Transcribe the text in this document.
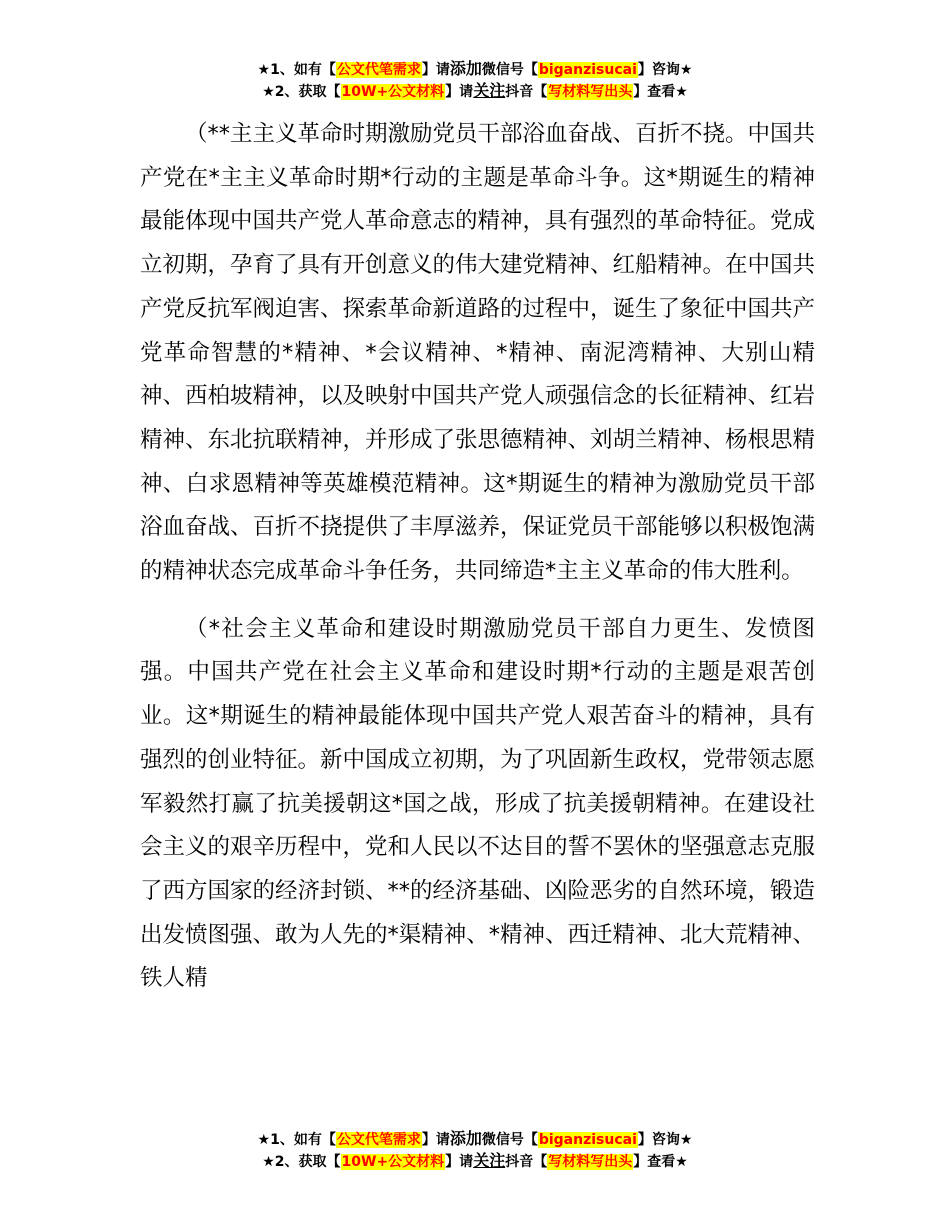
★1、如有【公文代笔需求】请添加微信号【biganzisucai】咨询★
★2、获取【10W+公文材料】请关注抖音【写材料写出头】查看★

（**主主义革命时期激励党员干部浴血奋战、百折不挠。中国共产党在*主主义革命时期*行动的主题是革命斗争。这*期诞生的精神最能体现中国共产党人革命意志的精神，具有强烈的革命特征。党成立初期，孕育了具有开创意义的伟大建党精神、红船精神。在中国共产党反抗军阀迫害、探索革命新道路的过程中，诞生了象征中国共产党革命智慧的*精神、*会议精神、*精神、南泥湾精神、大别山精神、西柏坡精神，以及映射中国共产党人顽强信念的长征精神、红岩精神、东北抗联精神，并形成了张思德精神、刘胡兰精神、杨根思精神、白求恩精神等英雄模范精神。这*期诞生的精神为激励党员干部浴血奋战、百折不挠提供了丰厚滋养，保证党员干部能够以积极饱满的精神状态完成革命斗争任务，共同缔造*主主义革命的伟大胜利。

（*社会主义革命和建设时期激励党员干部自力更生、发愤图强。中国共产党在社会主义革命和建设时期*行动的主题是艰苦创业。这*期诞生的精神最能体现中国共产党人艰苦奋斗的精神，具有强烈的创业特征。新中国成立初期，为了巩固新生政权，党带领志愿军毅然打赢了抗美援朝这*国之战，形成了抗美援朝精神。在建设社会主义的艰辛历程中，党和人民以不达目的誓不罢休的坚强意志克服了西方国家的经济封锁、**的经济基础、凶险恶劣的自然环境，锻造出发愤图强、敢为人先的*渠精神、*精神、西迁精神、北大荒精神、铁人精

★1、如有【公文代笔需求】请添加微信号【biganzisucai】咨询★
★2、获取【10W+公文材料】请关注抖音【写材料写出头】查看★
